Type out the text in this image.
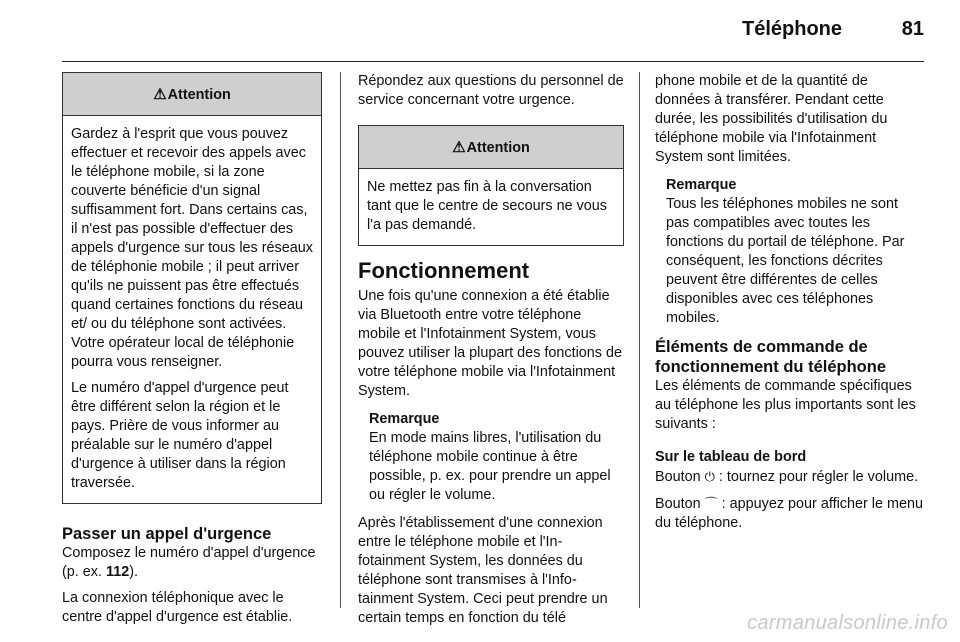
Téléphone	81
⚠Attention

Gardez à l'esprit que vous pouvez effectuer et recevoir des appels avec le téléphone mobile, si la zone couverte bénéficie d'un signal suffisamment fort. Dans certains cas, il n'est pas possible d'effectuer des appels d'urgence sur tous les réseaux de téléphonie mobile ; il peut arriver qu'ils ne puissent pas être effectués quand certaines fonctions du réseau et/ ou du téléphone sont activées. Votre opérateur local de téléphonie pourra vous renseigner.

Le numéro d'appel d'urgence peut être différent selon la région et le pays. Prière de vous informer au préalable sur le numéro d'appel d'urgence à utiliser dans la région traversée.

Passer un appel d'urgence

Composez le numéro d'appel d'urgence (p. ex. 112).

La connexion téléphonique avec le centre d'appel d'urgence est établie.

Répondez aux questions du personnel de service concernant votre urgence.

⚠Attention

Ne mettez pas fin à la conversation tant que le centre de secours ne vous l'a pas demandé.

Fonctionnement

Une fois qu'une connexion a été établie via Bluetooth entre votre téléphone mobile et l'Infotainment System, vous pouvez utiliser la plupart des fonctions de votre téléphone mobile via l'Infotainment System.

Remarque
En mode mains libres, l'utilisation du téléphone mobile continue à être possible, p. ex. pour prendre un appel ou régler le volume.

Après l'établissement d'une connexion entre le téléphone mobile et l'Infotainment System, les données du téléphone sont transmises à l'Infotainment System. Ceci peut prendre un certain temps en fonction du télé

phone mobile et de la quantité de données à transférer. Pendant cette durée, les possibilités d'utilisation du téléphone mobile via l'Infotainment System sont limitées.

Remarque
Tous les téléphones mobiles ne sont pas compatibles avec toutes les fonctions du portail de téléphone. Par conséquent, les fonctions décrites peuvent être différentes de celles disponibles avec ces téléphones mobiles.
Éléments de commande de fonctionnement du téléphone

Les éléments de commande spécifiques au téléphone les plus importants sont les suivants :

Sur le tableau de bord

Bouton ⏻ : tournez pour régler le volume.

Bouton ⌒ : appuyez pour afficher le menu du téléphone.

carmanualsonline.info
